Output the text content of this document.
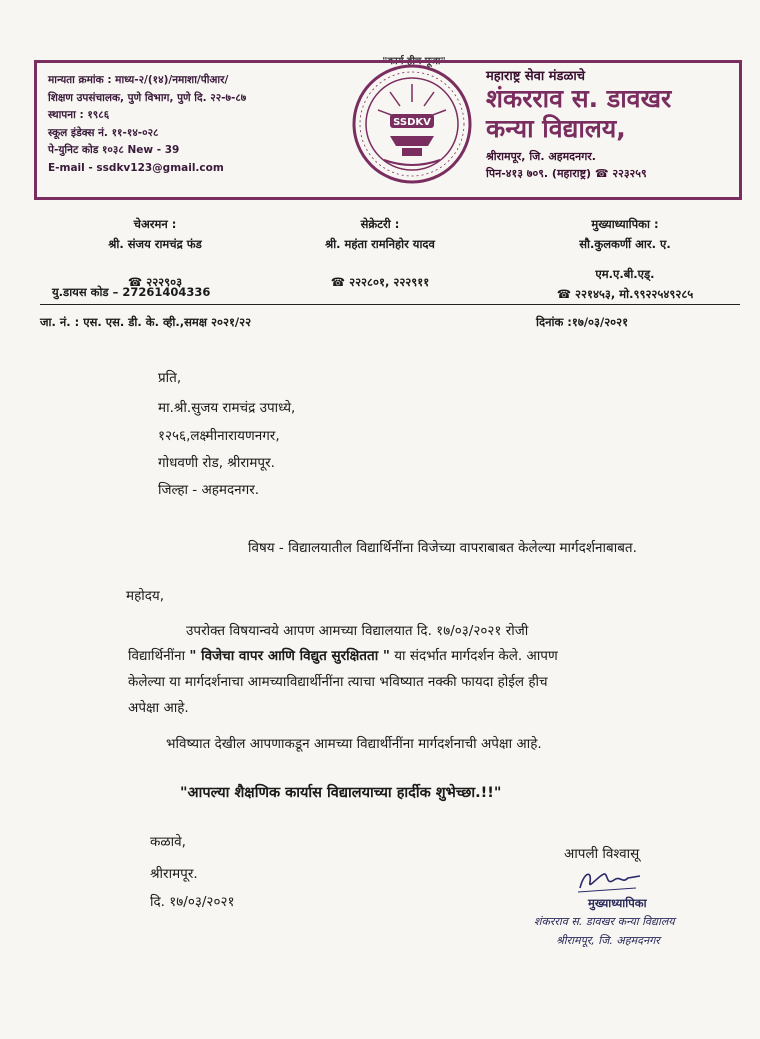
"कार्य हीच पूजा"
मान्यता क्रमांक : माध्य-२/(१४)/नमाशा/पीआर/
शिक्षण उपसंचालक, पुणे विभाग, पुणे दि. २२-७-८७
स्थापना : १९८६
स्कूल इंडेक्स नं. ११-१४-०२८
पे-युनिट कोड १०३८ New - 39
E-mail - ssdkv123@gmail.com
SSDKV
महाराष्ट्र सेवा मंडळाचे
शंकरराव स. डावखर
कन्या विद्यालय,
श्रीरामपूर, जि. अहमदनगर.
पिन-४१३ ७०९. (महाराष्ट्र) ☎ २२३२५९
चेअरमन :
श्री. संजय रामचंद्र फंड
☎ २२२९०३
सेक्रेटरी :
श्री. महंता रामनिहोर यादव
☎ २२२८०१, २२२९११
मुख्याध्यापिका :
सौ.कुलकर्णी आर. ए.
एम.ए.बी.एड्.
☎ २२१४५३, मो.९९२२५४९२८५
यु.डायस कोड – 27261404336
जा. नं. : एस. एस. डी. के. व्ही.,समक्ष २०२१/२२	दिनांक :१७/०३/२०२१
प्रति,
मा.श्री.सुजय रामचंद्र उपाध्ये,
१२५६,लक्ष्मीनारायणनगर,
गोधवणी रोड, श्रीरामपूर.
जिल्हा - अहमदनगर.
विषय - विद्यालयातील विद्यार्थिनींना विजेच्या वापराबाबत केलेल्या मार्गदर्शनाबाबत.
महोदय,
उपरोक्त विषयान्वये आपण आमच्या विद्यालयात दि. १७/०३/२०२१ रोजी
विद्यार्थिनींना " विजेचा वापर आणि विद्युत सुरक्षितता " या संदर्भात मार्गदर्शन केले. आपण
केलेल्या या मार्गदर्शनाचा आमच्याविद्यार्थीनींना त्याचा भविष्यात नक्की फायदा होईल हीच
अपेक्षा आहे.
भविष्यात देखील आपणाकडून आमच्या विद्यार्थीनींना मार्गदर्शनाची अपेक्षा आहे.
"आपल्या शैक्षणिक कार्यास विद्यालयाच्या हार्दीक शुभेच्छा.!!"
कळावे,
श्रीरामपूर.
दि. १७/०३/२०२१
आपली विश्वासू
मुख्याध्यापिका
शंकरराव स. डावखर कन्या विद्यालय
श्रीरामपूर, जि. अहमदनगर
